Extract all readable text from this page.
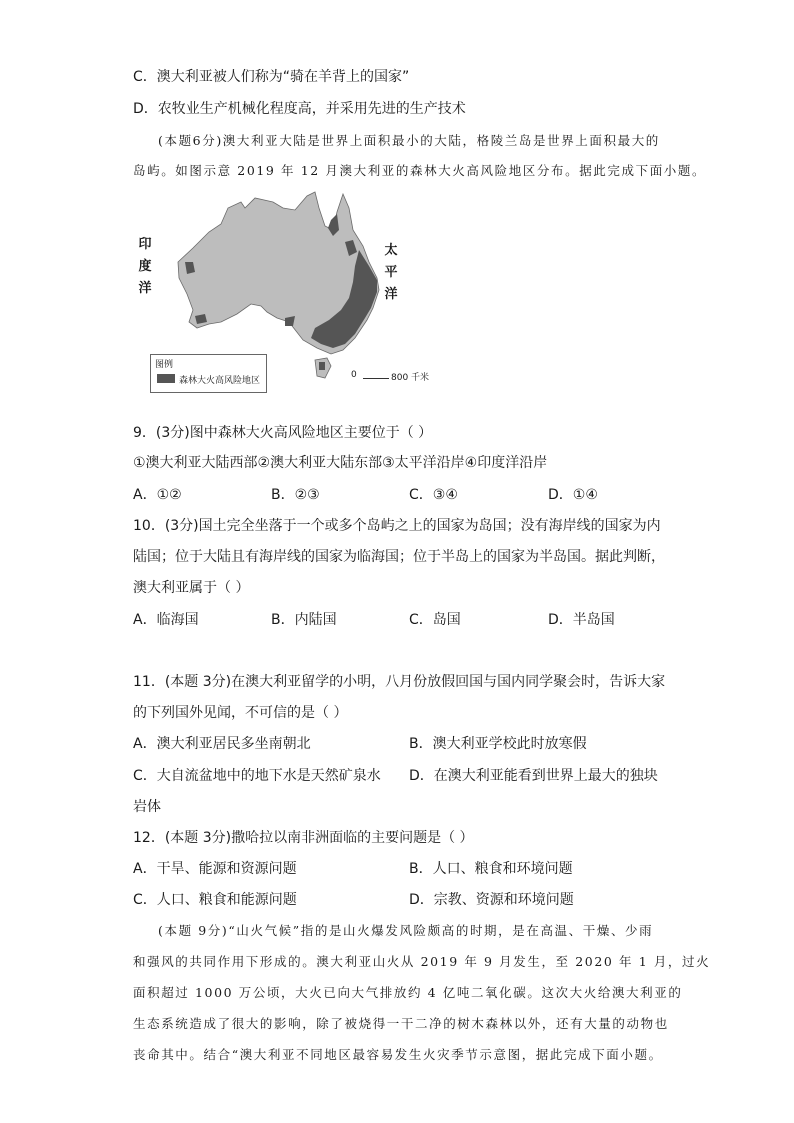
C．澳大利亚被人们称为“骑在羊背上的国家”
D．农牧业生产机械化程度高，并采用先进的生产技术
(本题6分)澳大利亚大陆是世界上面积最小的大陆，格陵兰岛是世界上面积最大的
岛屿。如图示意 2019 年 12 月澳大利亚的森林大火高风险地区分布。据此完成下面小题。
印
度
洋
太
平
洋
图例
森林大火高风险地区
0	800 千米
9．(3分)图中森林大火高风险地区主要位于（ ）
①澳大利亚大陆西部②澳大利亚大陆东部③太平洋沿岸④印度洋沿岸
A．①②	B．②③	C．③④	D．①④
10．(3分)国土完全坐落于一个或多个岛屿之上的国家为岛国；没有海岸线的国家为内
陆国；位于大陆且有海岸线的国家为临海国；位于半岛上的国家为半岛国。据此判断，
澳大利亚属于（ ）
A．临海国	B．内陆国	C．岛国	D．半岛国
11．(本题 3分)在澳大利亚留学的小明，八月份放假回国与国内同学聚会时，告诉大家
的下列国外见闻，不可信的是（ ）
A．澳大利亚居民多坐南朝北	B．澳大利亚学校此时放寒假
C．大自流盆地中的地下水是天然矿泉水 D．在澳大利亚能看到世界上最大的独块
岩体
12．(本题 3分)撒哈拉以南非洲面临的主要问题是（ ）
A．干旱、能源和资源问题	B．人口、粮食和环境问题
C．人口、粮食和能源问题	D．宗教、资源和环境问题
(本题 9分)“山火气候”指的是山火爆发风险颇高的时期，是在高温、干燥、少雨
和强风的共同作用下形成的。澳大利亚山火从 2019 年 9 月发生，至 2020 年 1 月，过火
面积超过 1000 万公顷，大火已向大气排放约 4 亿吨二氧化碳。这次大火给澳大利亚的
生态系统造成了很大的影响，除了被烧得一干二净的树木森林以外，还有大量的动物也
丧命其中。结合“澳大利亚不同地区最容易发生火灾季节示意图，据此完成下面小题。
